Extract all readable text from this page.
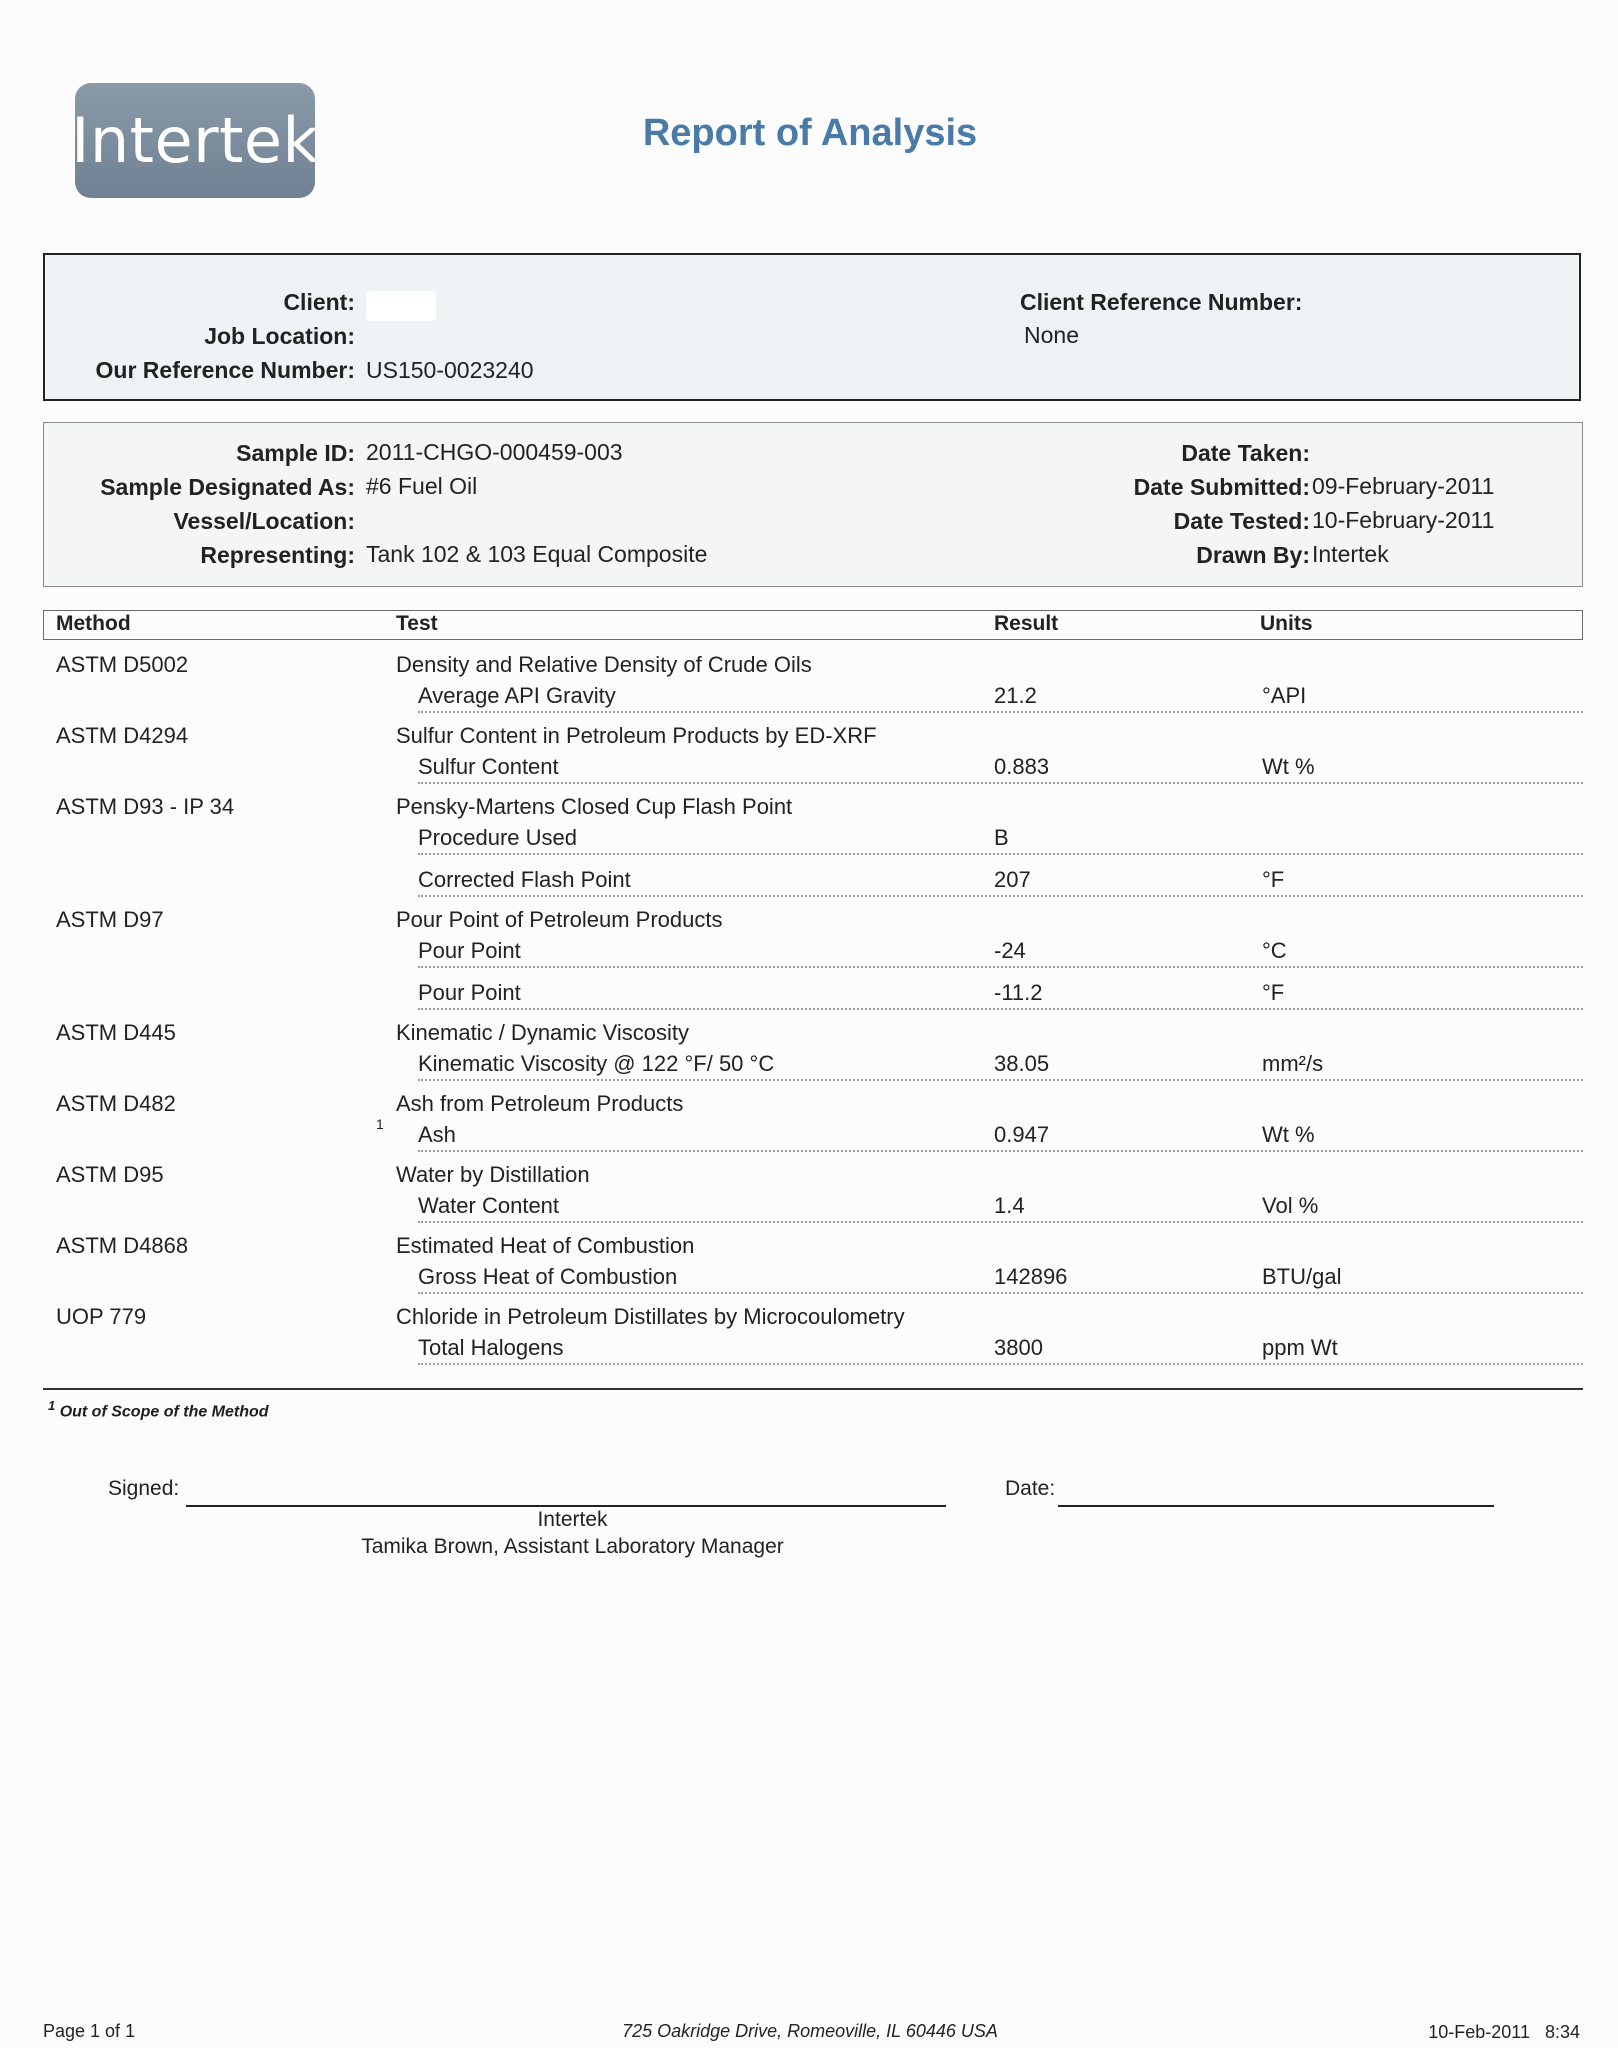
Intertek	Report of Analysis
Client:
Job Location:
Our Reference Number: US150-0023240
Client Reference Number:
None
Sample ID: 2011-CHGO-000459-003
Sample Designated As: #6 Fuel Oil
Vessel/Location:
Representing: Tank 102 & 103 Equal Composite
Date Taken:
Date Submitted: 09-February-2011
Date Tested: 10-February-2011
Drawn By: Intertek
Method	Test	Result	Units
ASTM D5002	Density and Relative Density of Crude Oils
Average API Gravity	21.2	°API
ASTM D4294	Sulfur Content in Petroleum Products by ED-XRF
Sulfur Content	0.883	Wt %
ASTM D93 - IP 34	Pensky-Martens Closed Cup Flash Point
Procedure Used	B
Corrected Flash Point	207	°F
ASTM D97	Pour Point of Petroleum Products
Pour Point	-24	°C
Pour Point	-11.2	°F
ASTM D445	Kinematic / Dynamic Viscosity
Kinematic Viscosity @ 122 °F/ 50 °C	38.05	mm²/s
ASTM D482	Ash from Petroleum Products
1 Ash	0.947	Wt %
ASTM D95	Water by Distillation
Water Content	1.4	Vol %
ASTM D4868	Estimated Heat of Combustion
Gross Heat of Combustion	142896	BTU/gal
UOP 779	Chloride in Petroleum Distillates by Microcoulometry
Total Halogens	3800	ppm Wt
$^1$ Out of Scope of the Method
Signed:	Date:
Intertek
Tamika Brown, Assistant Laboratory Manager
Page 1 of 1	725 Oakridge Drive, Romeoville, IL 60446 USA	10-Feb-2011   8:34
